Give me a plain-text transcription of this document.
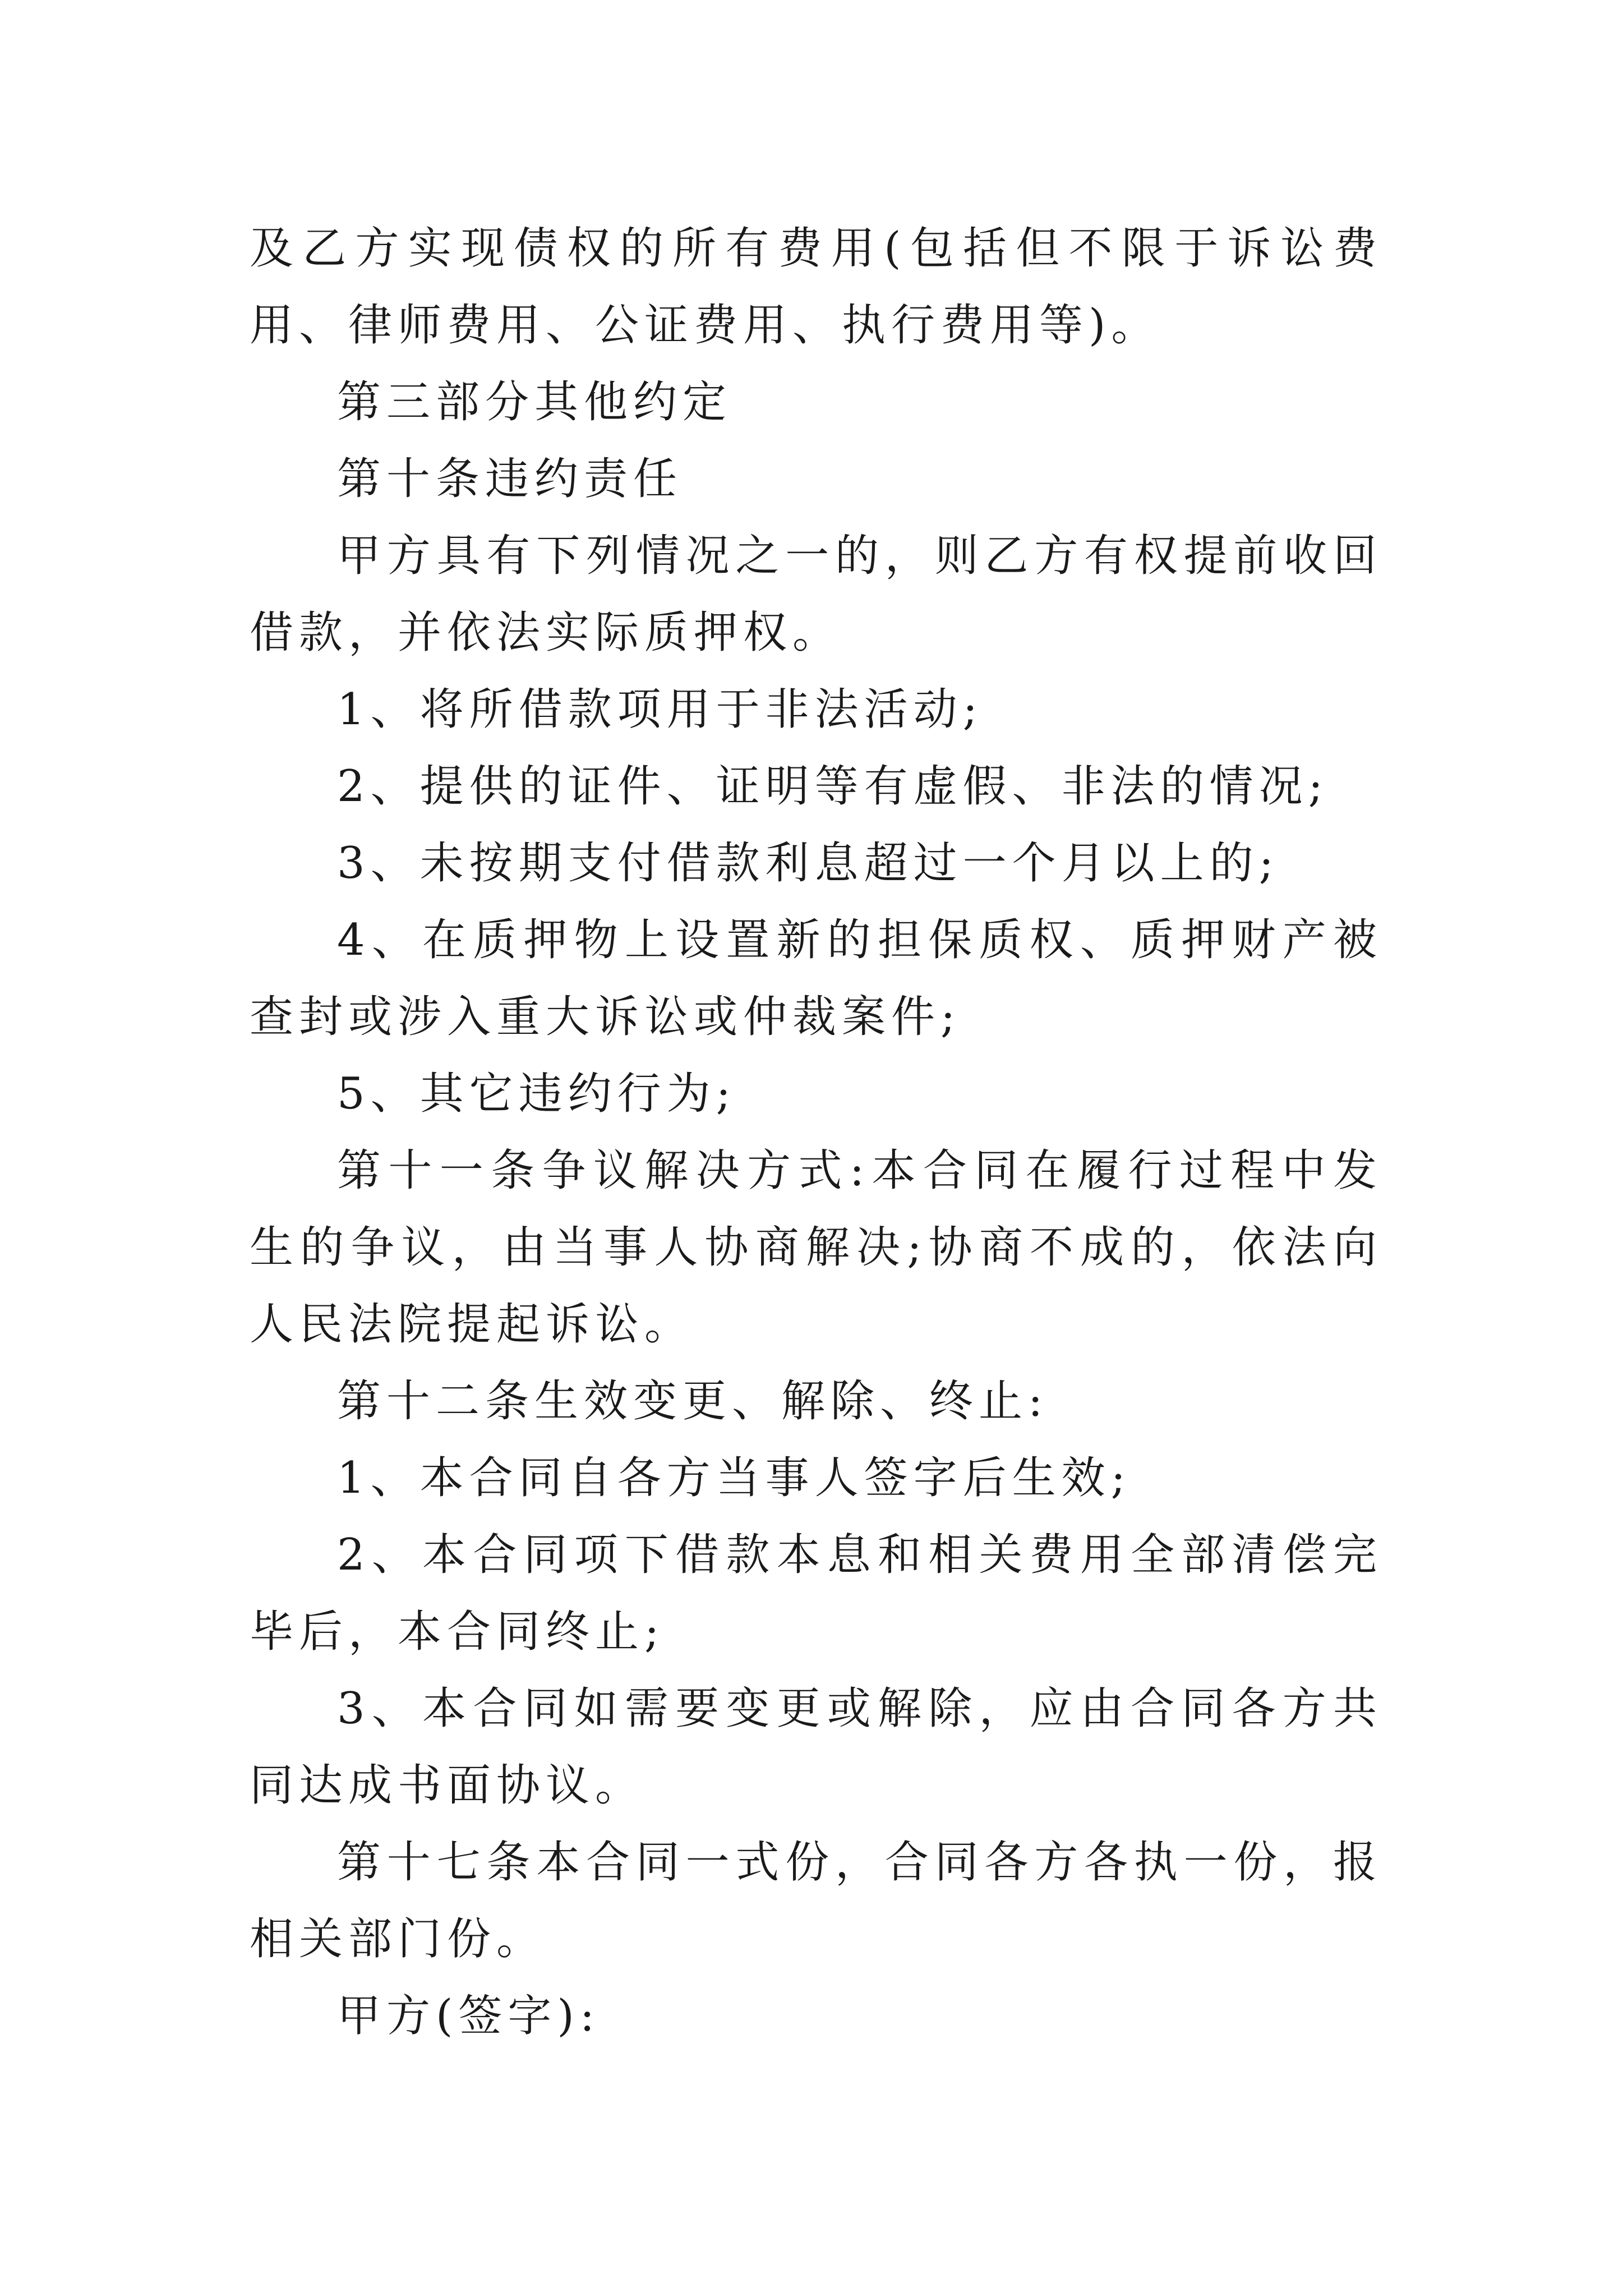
及乙方实现债权的所有费用(包括但不限于诉讼费用、律师费用、公证费用、执行费用等)。

第三部分其他约定

第十条违约责任

甲方具有下列情况之一的，则乙方有权提前收回借款，并依法实际质押权。

1、将所借款项用于非法活动;

2、提供的证件、证明等有虚假、非法的情况;

3、未按期支付借款利息超过一个月以上的;

4、在质押物上设置新的担保质权、质押财产被查封或涉入重大诉讼或仲裁案件;

5、其它违约行为;

第十一条争议解决方式:本合同在履行过程中发生的争议，由当事人协商解决;协商不成的，依法向人民法院提起诉讼。

第十二条生效变更、解除、终止:

1、本合同自各方当事人签字后生效;

2、本合同项下借款本息和相关费用全部清偿完毕后，本合同终止;

3、本合同如需要变更或解除，应由合同各方共同达成书面协议。

第十七条本合同一式份，合同各方各执一份，报相关部门份。

甲方(签字):
